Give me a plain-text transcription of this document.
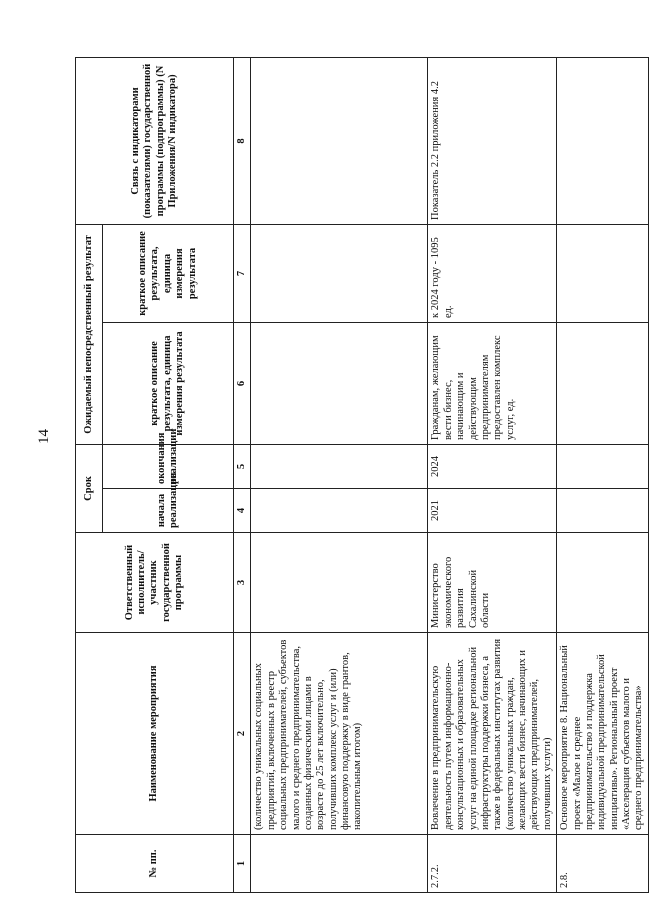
14
№ пп.	Наименование мероприятия	Ответственный исполнитель/участник государственной программы	Срок		Ожидаемый непосредственный результат		Связь с индикаторами (показателями) государственной программы (подпрограммы) (N Приложения/N индикатора)
			начала реализации	окончания реализации	краткое описание результата, единица измерения результата	краткое описание результата, единица измерения результата	
1	2	3	4	5	6	7	8
	(количество уникальных социальных предприятий, включенных в реестр социальных предпринимателей, субъектов малого и среднего предпринимательства, созданных физическими лицами в возрасте до 25 лет включительно, получивших комплекс услуг и (или) финансовую поддержку в виде грантов, накопительным итогом)						
2.7.2.	Вовлечение в предпринимательскую деятельность путем информационно-консультационных и образовательных услуг на единой площадке региональной инфраструктуры поддержки бизнеса, а также в федеральных институтах развития (количество уникальных граждан, желающих вести бизнес, начинающих и действующих предпринимателей, получивших услуги)	Министерство экономического развития Сахалинской области	2021	2024	Гражданам, желающим вести бизнес, начинающим и действующим предпринимателям предоставлен комплекс услуг, ед.	к 2024 году - 1095 ед.	Показатель 2.2 приложения 4.2
2.8.	Основное мероприятие 8. Национальный проект «Малое и среднее предпринимательство и поддержка индивидуальной предпринимательской инициативы». Региональный проект «Акселерация субъектов малого и среднего предпринимательства»						
